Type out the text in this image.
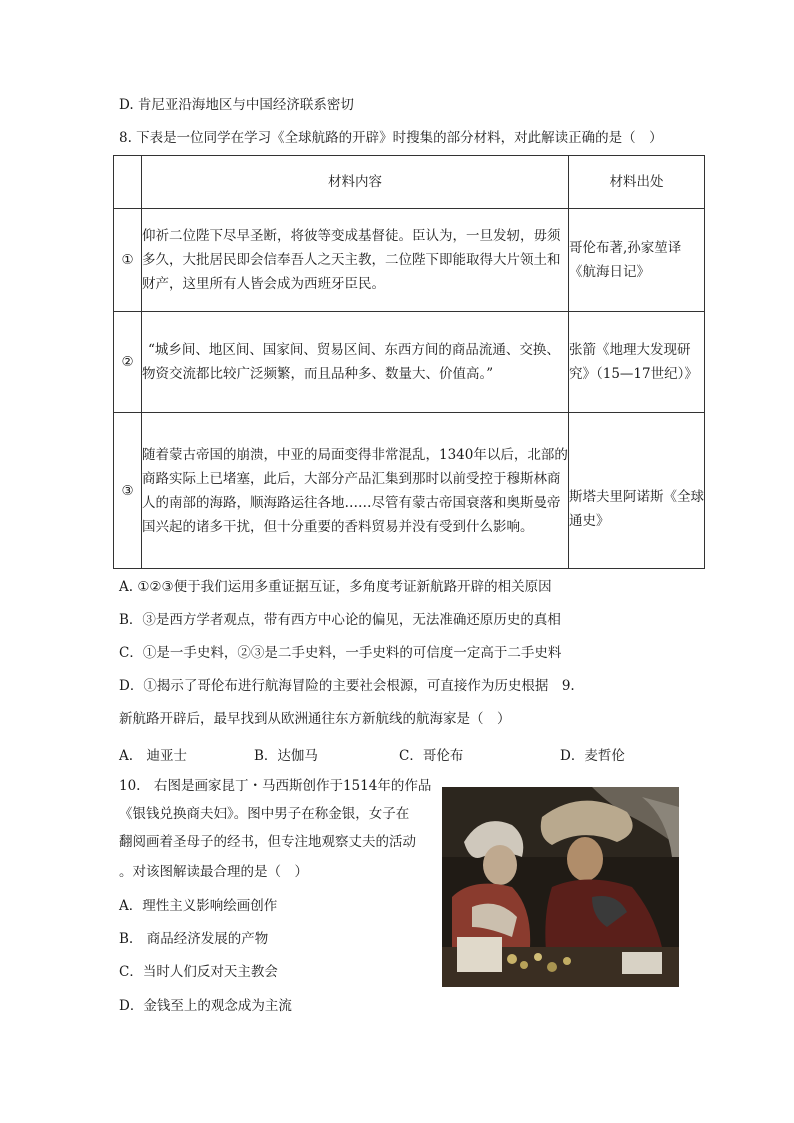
D. 肯尼亚沿海地区与中国经济联系密切
8. 下表是一位同学在学习《全球航路的开辟》时搜集的部分材料，对此解读正确的是（　）
	材料内容	材料出处
①	仰祈二位陛下尽早圣断，将彼等变成基督徒。臣认为，一旦发轫，毋须多久，大批居民即会信奉吾人之天主教，二位陛下即能取得大片领土和财产，这里所有人皆会成为西班牙臣民。	哥伦布著,孙家堃译《航海日记》

②	“城乡间、地区间、国家间、贸易区间、东西方间的商品流通、交换、物资交流都比较广泛频繁，而且品种多、数量大、价值高。”	张箭《地理大发现研究》（15—17世纪）》

③	随着蒙古帝国的崩溃，中亚的局面变得非常混乱，1340年以后，北部的商路实际上已堵塞，此后，大部分产品汇集到那时以前受控于穆斯林商人的南部的海路，顺海路运往各地……尽管有蒙古帝国衰落和奥斯曼帝国兴起的诸多干扰，但十分重要的香料贸易并没有受到什么影响。	斯塔夫里阿诺斯《全球通史》
A. ①②③便于我们运用多重证据互证，多角度考证新航路开辟的相关原因
B．③是西方学者观点，带有西方中心论的偏见，无法准确还原历史的真相
C．①是一手史料，②③是二手史料，一手史料的可信度一定高于二手史料
D．①揭示了哥伦布进行航海冒险的主要社会根源，可直接作为历史根据　9.
新航路开辟后，最早找到从欧洲通往东方新航线的航海家是（　）
A.　迪亚士	B．达伽马	C．哥伦布	D．麦哲伦
10.　右图是画家昆丁・马西斯创作于1514年的作品
《银钱兑换商夫妇》。图中男子在称金银，女子在
翻阅画着圣母子的经书，但专注地观察丈夫的活动
。对该图解读最合理的是（　）
A．理性主义影响绘画创作
B.　商品经济发展的产物
C．当时人们反对天主教会
D．金钱至上的观念成为主流
